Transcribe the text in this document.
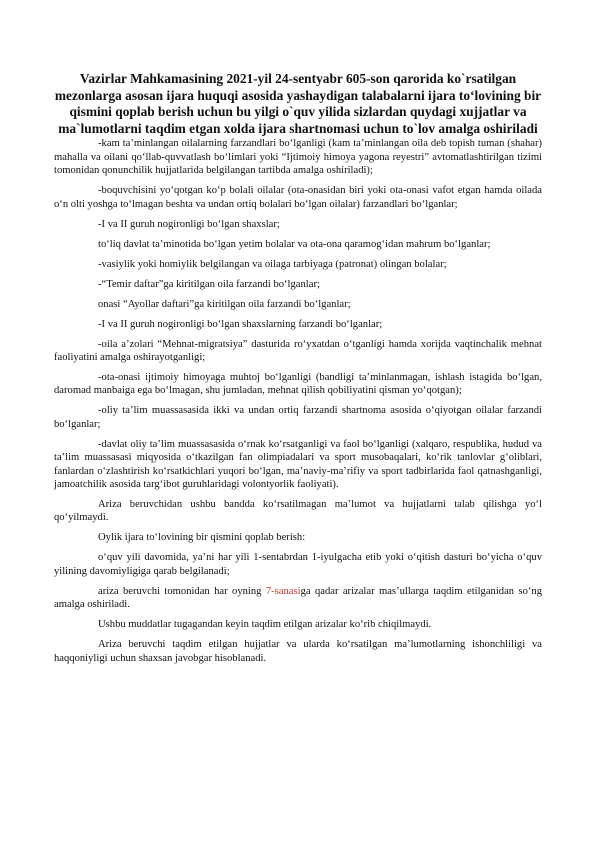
Vazirlar Mahkamasining 2021-yil 24-sentyabr 605-son qarorida ko`rsatilgan mezonlarga asosan ijara huquqi asosida yashaydigan talabalarni ijara to‘lovining bir qismini qoplab berish uchun bu yilgi o`quv yilida sizlardan quydagi xujjatlar va ma`lumotlarni taqdim etgan xolda ijara shartnomasi uchun to`lov amalga oshiriladi
-kam ta’minlangan oilalarning farzandlari bo‘lganligi (kam ta’minlangan oila deb topish tuman (shahar) mahalla va oilani qo‘llab-quvvatlash bo‘limlari yoki “Ijtimoiy himoya yagona reyestri” avtomatlashtirilgan tizimi tomonidan qonunchilik hujjatlarida belgilangan tartibda amalga oshiriladi);
-boquvchisini yo‘qotgan ko‘p bolali oilalar (ota-onasidan biri yoki ota-onasi vafot etgan hamda oilada o‘n olti yoshga to‘lmagan beshta va undan ortiq bolalari bo‘lgan oilalar) farzandlari bo‘lganlar;
-I va II guruh nogironligi bo‘lgan shaxslar;
to‘liq davlat ta’minotida bo‘lgan yetim bolalar va ota-ona qaramog‘idan mahrum bo‘lganlar;
-vasiylik yoki homiylik belgilangan va oilaga tarbiyaga (patronat) olingan bolalar;
-“Temir daftar”ga kiritilgan oila farzandi bo‘lganlar;
onasi “Ayollar daftari”ga kiritilgan oila farzandi bo‘lganlar;
-I va II guruh nogironligi bo‘lgan shaxslarning farzandi bo‘lganlar;
-oila a’zolari “Mehnat-migratsiya” dasturida ro‘yxatdan o‘tganligi hamda xorijda vaqtinchalik mehnat faoliyatini amalga oshirayotganligi;
-ota-onasi ijtimoiy himoyaga muhtoj bo‘lganligi (bandligi ta’minlanmagan, ishlash istagida bo‘lgan, daromad manbaiga ega bo‘lmagan, shu jumladan, mehnat qilish qobiliyatini qisman yo‘qotgan);
-oliy ta’lim muassasasida ikki va undan ortiq farzandi shartnoma asosida o‘qiyotgan oilalar farzandi bo‘lganlar;
-davlat oliy ta’lim muassasasida o‘rnak ko‘rsatganligi va faol bo‘lganligi (xalqaro, respublika, hudud va ta’lim muassasasi miqyosida o‘tkazilgan fan olimpiadalari va sport musobaqalari, ko‘rik tanlovlar g‘oliblari, fanlardan o‘zlashtirish ko‘rsatkichlari yuqori bo‘lgan, ma’naviy-ma’rifiy va sport tadbirlarida faol qatnashganligi, jamoatchilik asosida targ‘ibot guruhlaridagi volontyorlik faoliyati).
Ariza beruvchidan ushbu bandda ko‘rsatilmagan ma’lumot va hujjatlarni talab qilishga yo‘l qo‘yilmaydi.
Oylik ijara to‘lovining bir qismini qoplab berish:
o‘quv yili davomida, ya’ni har yili 1-sentabrdan 1-iyulgacha etib yoki o‘qitish dasturi bo‘yicha o‘quv yilining davomiyligiga qarab belgilanadi;
ariza beruvchi tomonidan har oyning 7-sanasiga qadar arizalar mas’ullarga taqdim etilganidan so‘ng amalga oshiriladi.
Ushbu muddatlar tugagandan keyin taqdim etilgan arizalar ko‘rib chiqilmaydi.
Ariza beruvchi taqdim etilgan hujjatlar va ularda ko‘rsatilgan ma’lumotlarning ishonchliligi va haqqoniyligi uchun shaxsan javobgar hisoblanadi.
